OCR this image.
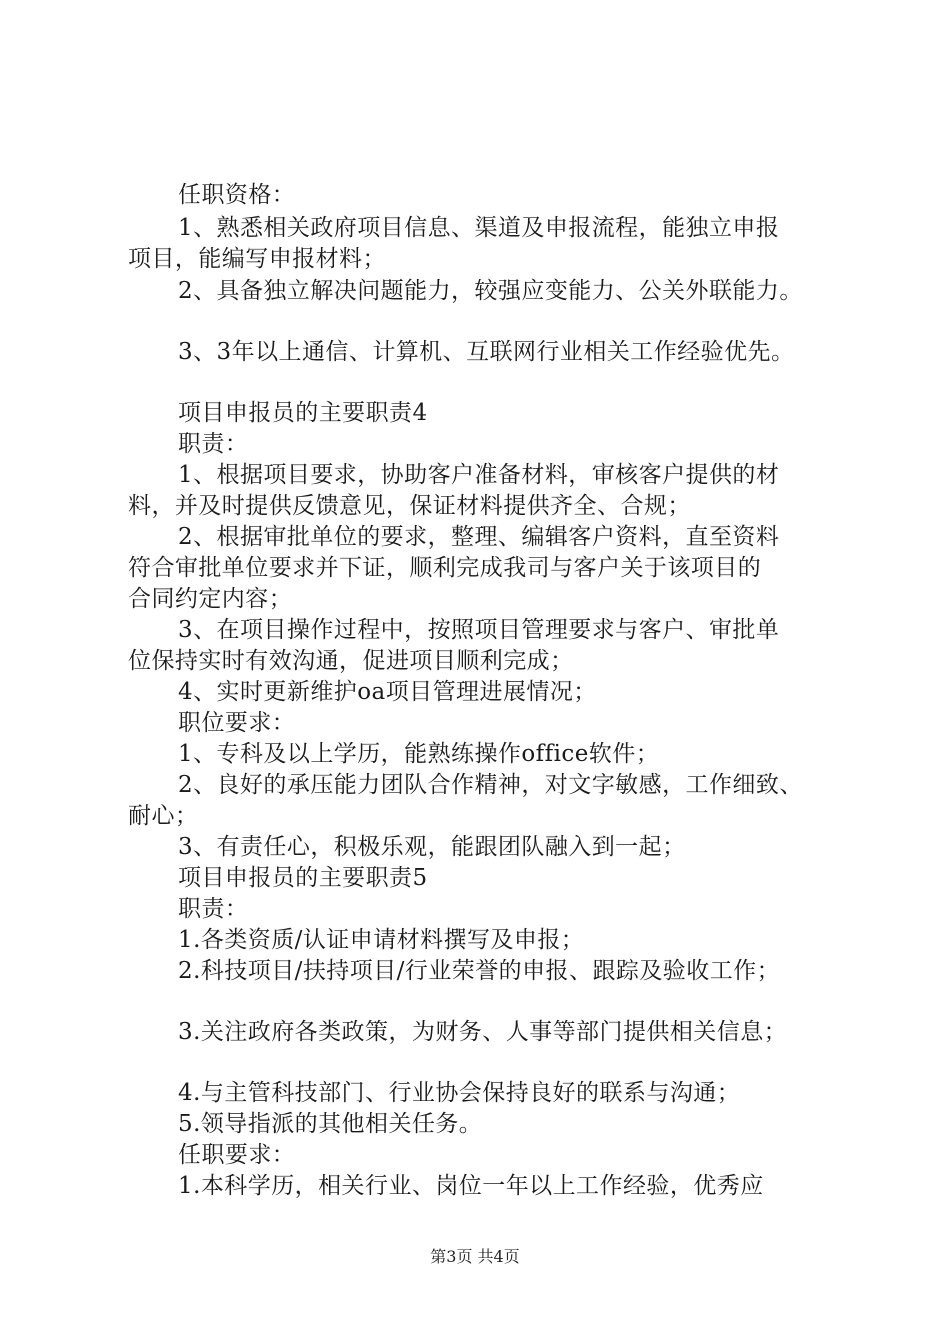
任职资格：
1、熟悉相关政府项目信息、渠道及申报流程，能独立申报
项目，能编写申报材料；
2、具备独立解决问题能力，较强应变能力、公关外联能力。
3、3年以上通信、计算机、互联网行业相关工作经验优先。
项目申报员的主要职责4
职责：
1、根据项目要求，协助客户准备材料，审核客户提供的材
料，并及时提供反馈意见，保证材料提供齐全、合规；
2、根据审批单位的要求，整理、编辑客户资料，直至资料
符合审批单位要求并下证，顺利完成我司与客户关于该项目的
合同约定内容；
3、在项目操作过程中，按照项目管理要求与客户、审批单
位保持实时有效沟通，促进项目顺利完成；
4、实时更新维护oa项目管理进展情况；
职位要求：
1、专科及以上学历，能熟练操作office软件；
2、良好的承压能力团队合作精神，对文字敏感，工作细致、
耐心；
3、有责任心，积极乐观，能跟团队融入到一起；
项目申报员的主要职责5
职责：
1.各类资质/认证申请材料撰写及申报；
2.科技项目/扶持项目/行业荣誉的申报、跟踪及验收工作；
3.关注政府各类政策，为财务、人事等部门提供相关信息；
4.与主管科技部门、行业协会保持良好的联系与沟通；
5.领导指派的其他相关任务。
任职要求：
1.本科学历，相关行业、岗位一年以上工作经验，优秀应
第3页 共4页
